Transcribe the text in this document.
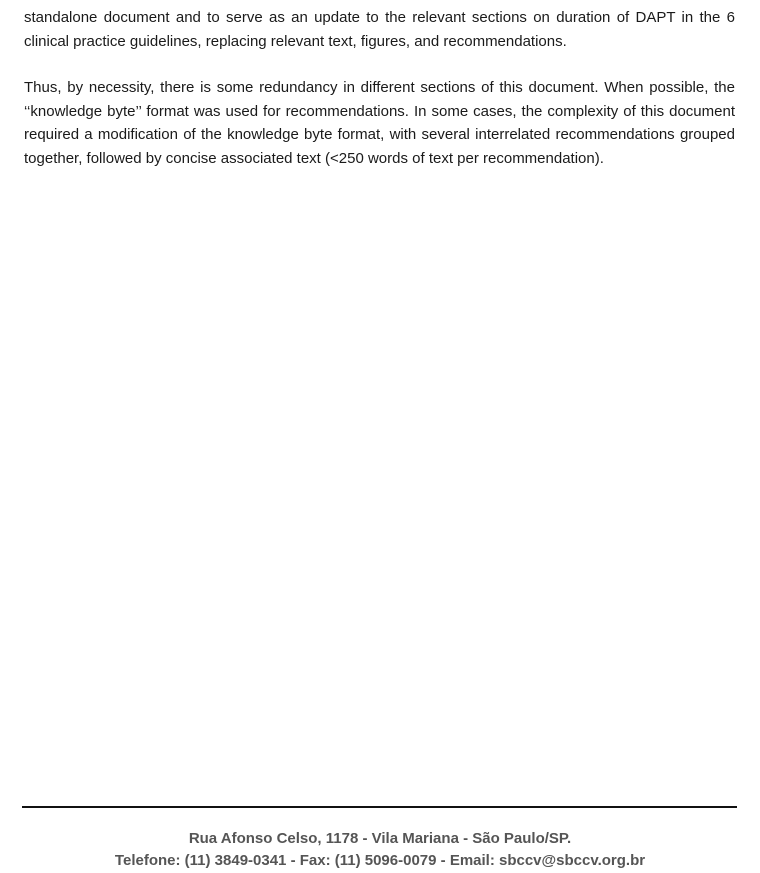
standalone document and to serve as an update to the relevant sections on duration of DAPT in the 6 clinical practice guidelines, replacing relevant text, figures, and recommendations.

Thus, by necessity, there is some redundancy in different sections of this document. When possible, the ‘‘knowledge byte’’ format was used for recommendations. In some cases, the complexity of this document required a modification of the knowledge byte format, with several interrelated recommendations grouped together, followed by concise associated text (<250 words of text per recommendation).

Rua Afonso Celso, 1178 - Vila Mariana - São Paulo/SP.
Telefone: (11) 3849-0341 - Fax: (11) 5096-0079 - Email: sbccv@sbccv.org.br
